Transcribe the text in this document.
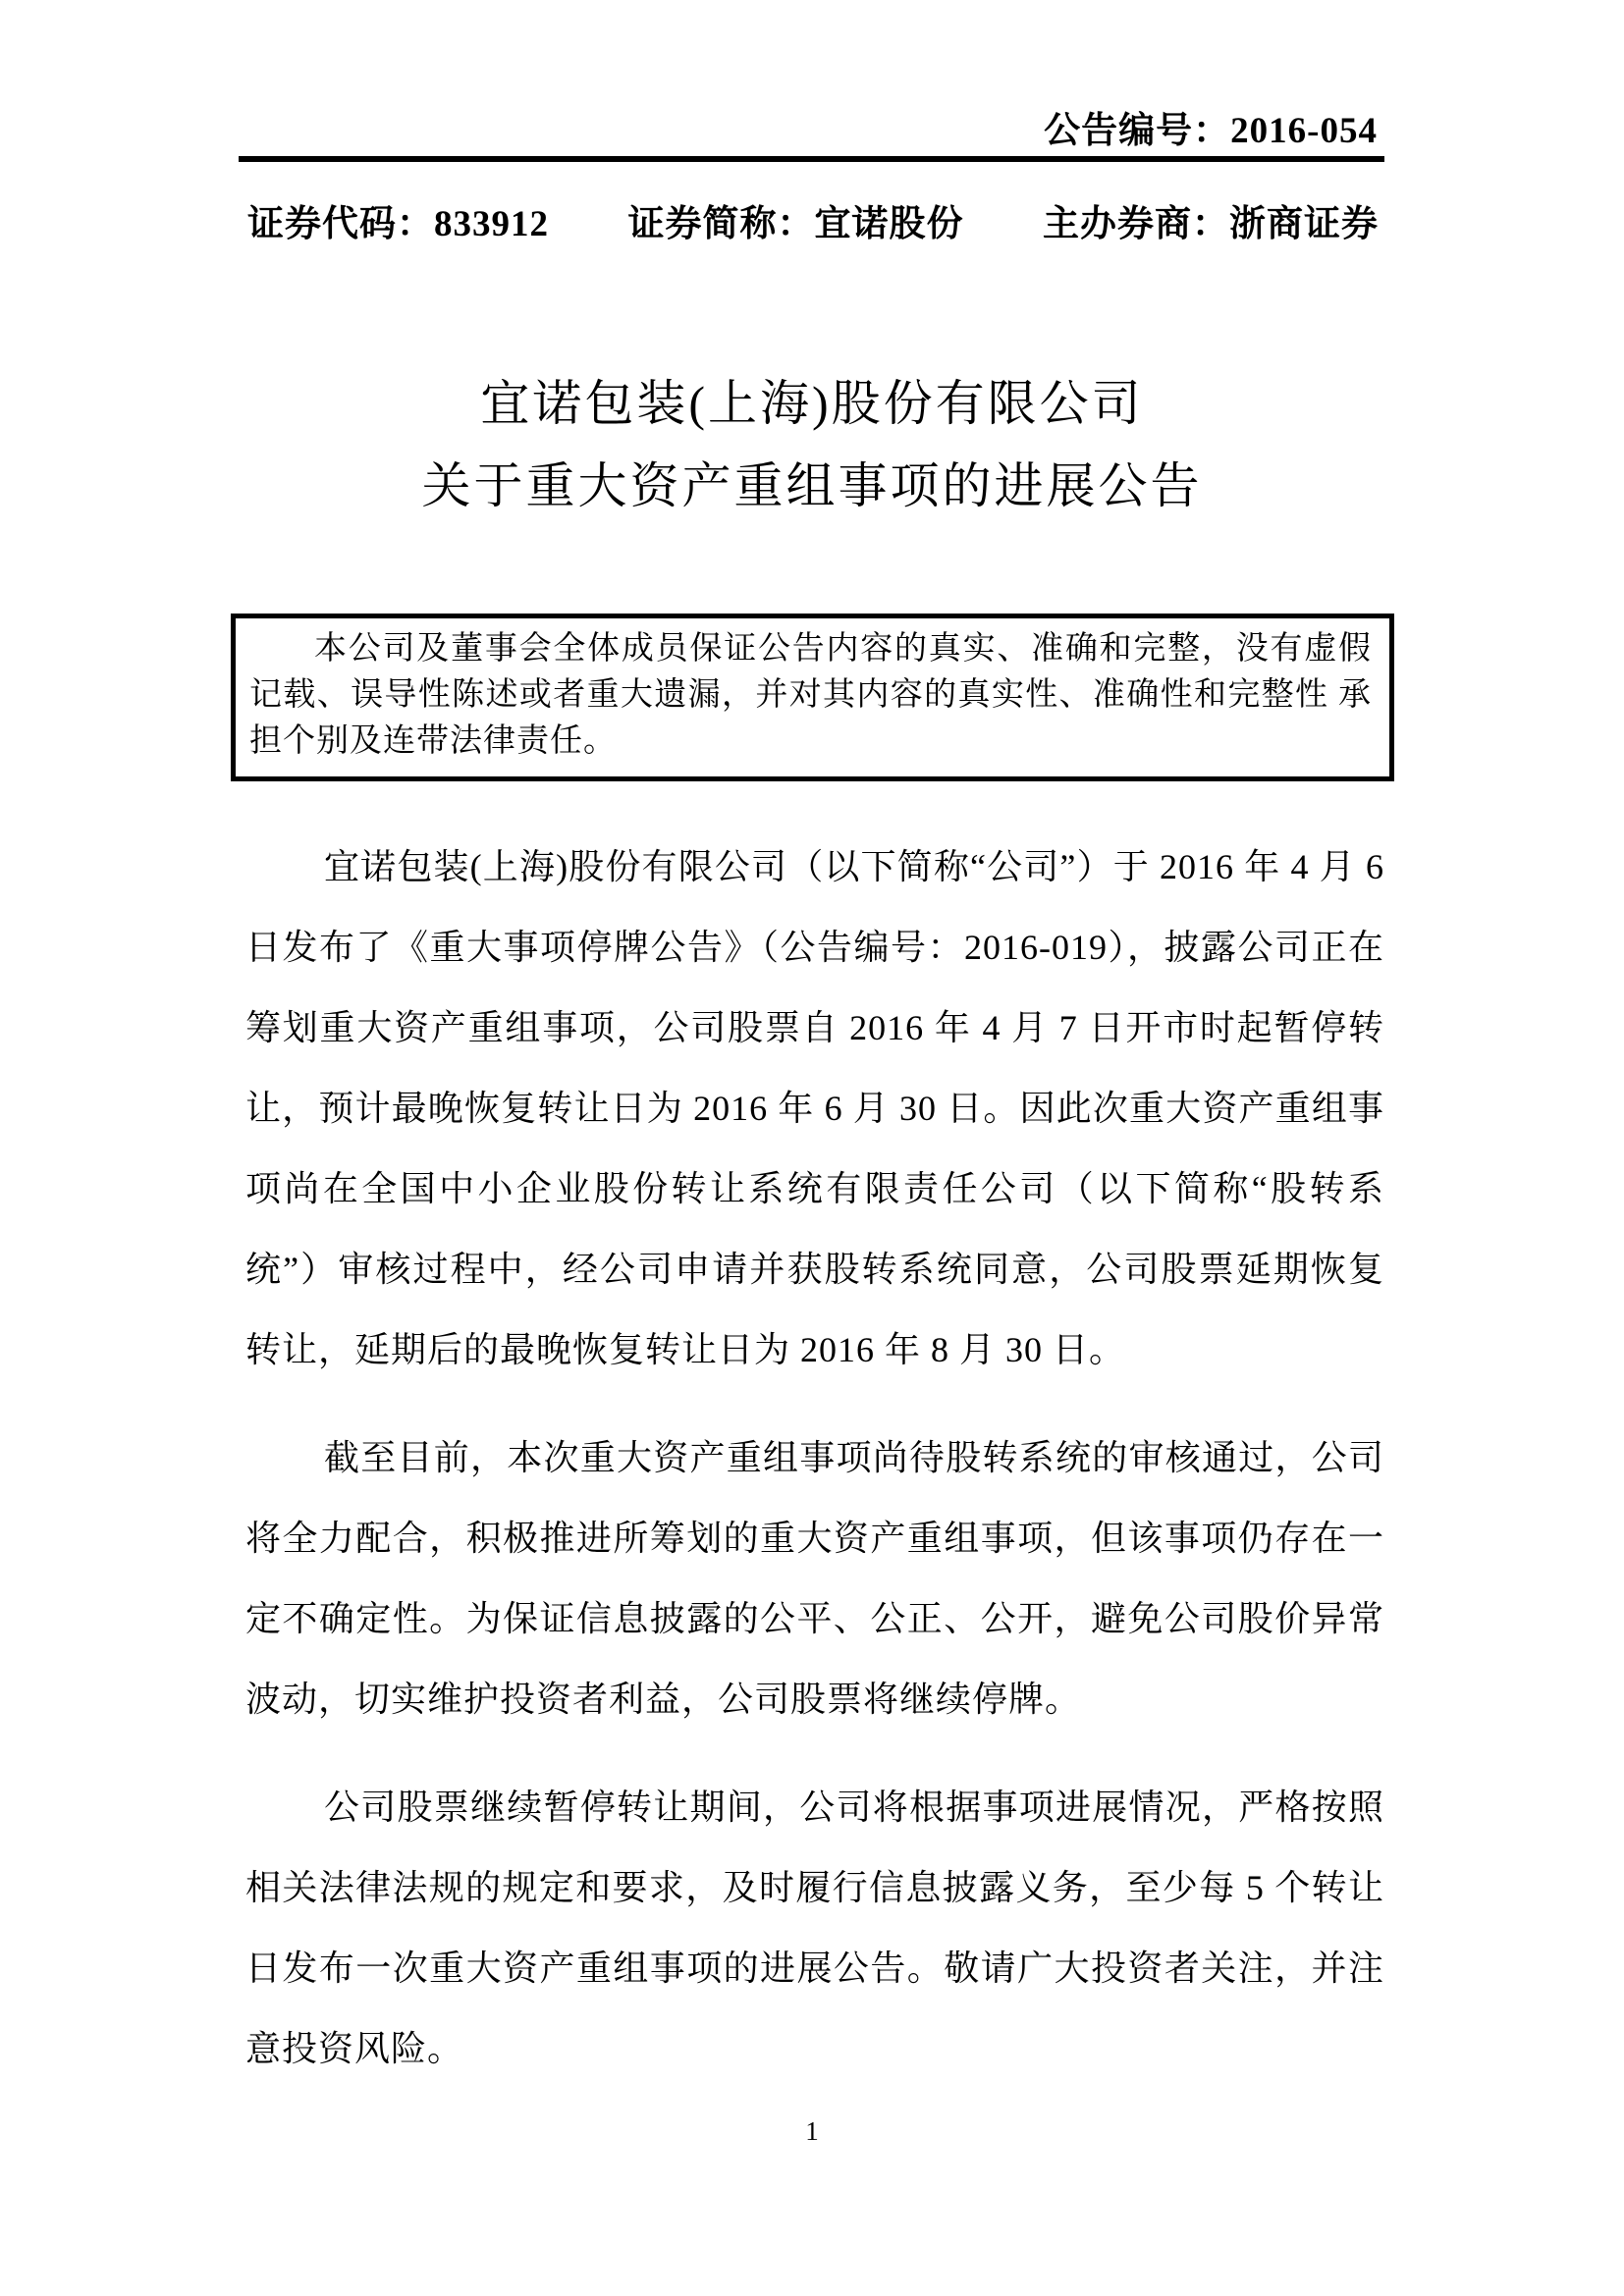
公告编号：2016-054
证券代码：833912 证券简称：宜诺股份 主办券商：浙商证券
宜诺包装(上海)股份有限公司
关于重大资产重组事项的进展公告

本公司及董事会全体成员保证公告内容的真实、准确和完整，没有虚假记载、误导性陈述或者重大遗漏，并对其内容的真实性、准确性和完整性 承担个别及连带法律责任。

宜诺包装(上海)股份有限公司（以下简称“公司”）于 2016 年 4 月 6 日发布了《重大事项停牌公告》（公告编号：2016-019），披露公司正在筹划重大资产重组事项，公司股票自 2016 年 4 月 7 日开市时起暂停转让，预计最晚恢复转让日为 2016 年 6 月 30 日。因此次重大资产重组事项尚在全国中小企业股份转让系统有限责任公司（以下简称“股转系统”）审核过程中，经公司申请并获股转系统同意，公司股票延期恢复转让，延期后的最晚恢复转让日为 2016 年 8 月 30 日。

截至目前，本次重大资产重组事项尚待股转系统的审核通过，公司将全力配合，积极推进所筹划的重大资产重组事项，但该事项仍存在一定不确定性。为保证信息披露的公平、公正、公开，避免公司股价异常波动，切实维护投资者利益，公司股票将继续停牌。

公司股票继续暂停转让期间，公司将根据事项进展情况，严格按照相关法律法规的规定和要求，及时履行信息披露义务，至少每 5 个转让日发布一次重大资产重组事项的进展公告。敬请广大投资者关注，并注意投资风险。

1
